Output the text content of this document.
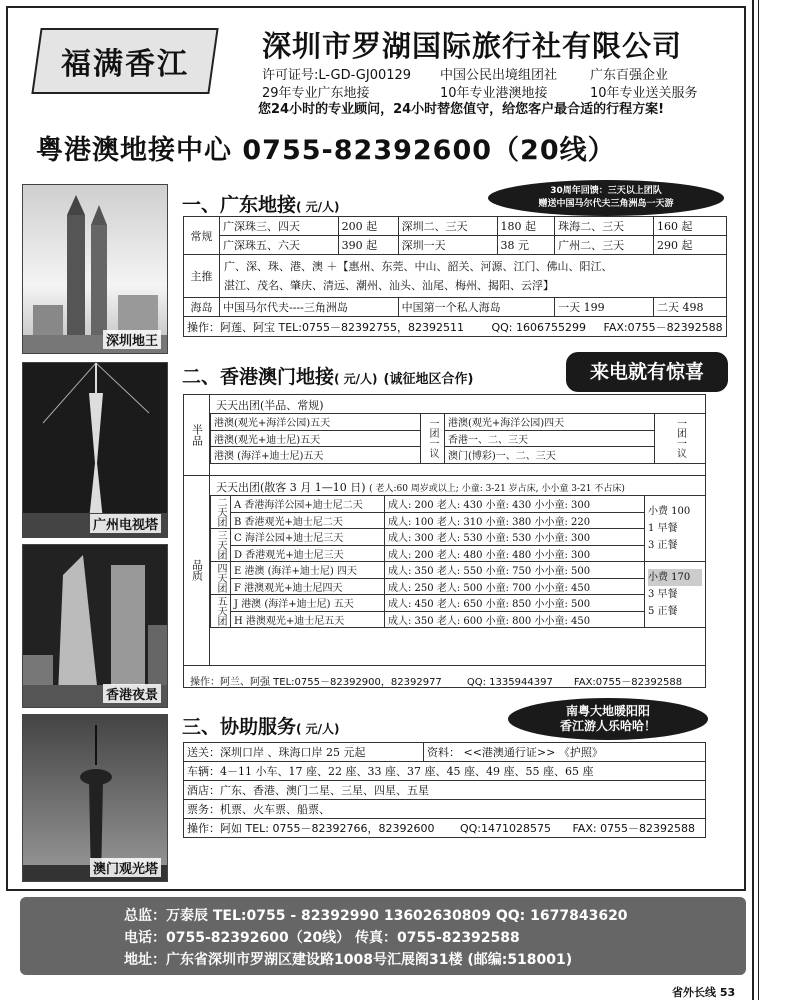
福满香江
深圳市罗湖国际旅行社有限公司
许可证号:L-GD-GJ00129 中国公民出境组团社	广东百强企业
29年专业广东地接	10年专业港澳地接	10年专业送关服务
您24小时的专业顾问，24小时替您值守，给您客户最合适的行程方案!
粤港澳地接中心 0755-82392600（20线）
深圳地王
广州电视塔
香港夜景
澳门观光塔
一、广东地接( 元/人)
30周年回馈：三天以上团队
赠送中国马尔代夫三角洲岛一天游
常规	广深珠三、四天	200 起	深圳二、三天	180 起	珠海二、三天	160 起
	广深珠五、六天	390 起	深圳一天	38 元	广州二、三天	290 起
主推	广、深、珠、港、澳 ＋【惠州、东莞、中山、韶关、河源、江门、佛山、阳江、
湛江、茂名、肇庆、清远、潮州、汕头、汕尾、梅州、揭阳、云浮】					

海岛	中国马尔代夫----三角洲岛		中国第一个私人海岛		一天 199	二天 498
操作：阿莲、阿宝 TEL:0755－82392755，82392511 QQ: 1606755299 FAX:0755－82392588						
二、香港澳门地接( 元/人) (诚征地区合作)	来电就有惊喜
半品
天天出团(半品、常规)
港澳(观光+海洋公园)五天	一团一议	港澳(观光+海洋公园)四天	一团一议
港澳(观光+迪士尼)五天		香港一、二、三天	
港澳 (海洋+迪士尼)五天		澳门(博彩)一、二、三天	
品质
天天出团(散客 3 月 1—10 日) ( 老人:60 周岁或以上; 小童: 3-21 岁占床, 小小童 3-21 不占床)
二天团	A 香港海洋公园+迪士尼二天	成人: 200 老人: 430 小童: 430 小小童: 300	小费 100
1 早餐
3 正餐

	B 香港观光+迪士尼二天	成人: 100 老人: 310 小童: 380 小小童: 220	
三天团	C 海洋公园+迪士尼三天	成人: 300 老人: 530 小童: 530 小小童: 300	
	D 香港观光+迪士尼三天	成人: 200 老人: 480 小童: 480 小小童: 300	
四天团	E 港澳 (海洋+迪士尼) 四天	成人: 350 老人: 550 小童: 750 小小童: 500	小费 170
3 早餐
5 正餐

	F 港澳观光+迪士尼四天	成人: 250 老人: 500 小童: 700 小小童: 450	
五天团	J 港澳 (海洋+迪士尼) 五天	成人: 450 老人: 650 小童: 850 小小童: 500	
	H 港澳观光+迪士尼五天	成人: 350 老人: 600 小童: 800 小小童: 450	
操作：阿兰、阿强 TEL:0755－82392900，82392977	QQ: 1335944397 FAX:0755－82392588
三、协助服务( 元/人)
南粤大地暖阳阳
香江游人乐哈哈！
送关：深圳口岸 、珠海口岸 25 元起	资料： <<港澳通行证>> 《护照》
车辆：4－11 小车、17 座、22 座、33 座、37 座、45 座、49 座、55 座、65 座
酒店：广东、香港、澳门二星、三星、四星、五星
票务：机票、火车票、船票、
操作：阿如 TEL: 0755－82392766，82392600 QQ:1471028575 FAX: 0755－82392588
总监：万泰辰 TEL:0755 - 82392990 13602630809 QQ: 1677843620
电话：0755-82392600（20线） 传真：0755-82392588
地址：广东省深圳市罗湖区建设路1008号汇展阁31楼 (邮编:518001)
省外长线 53
